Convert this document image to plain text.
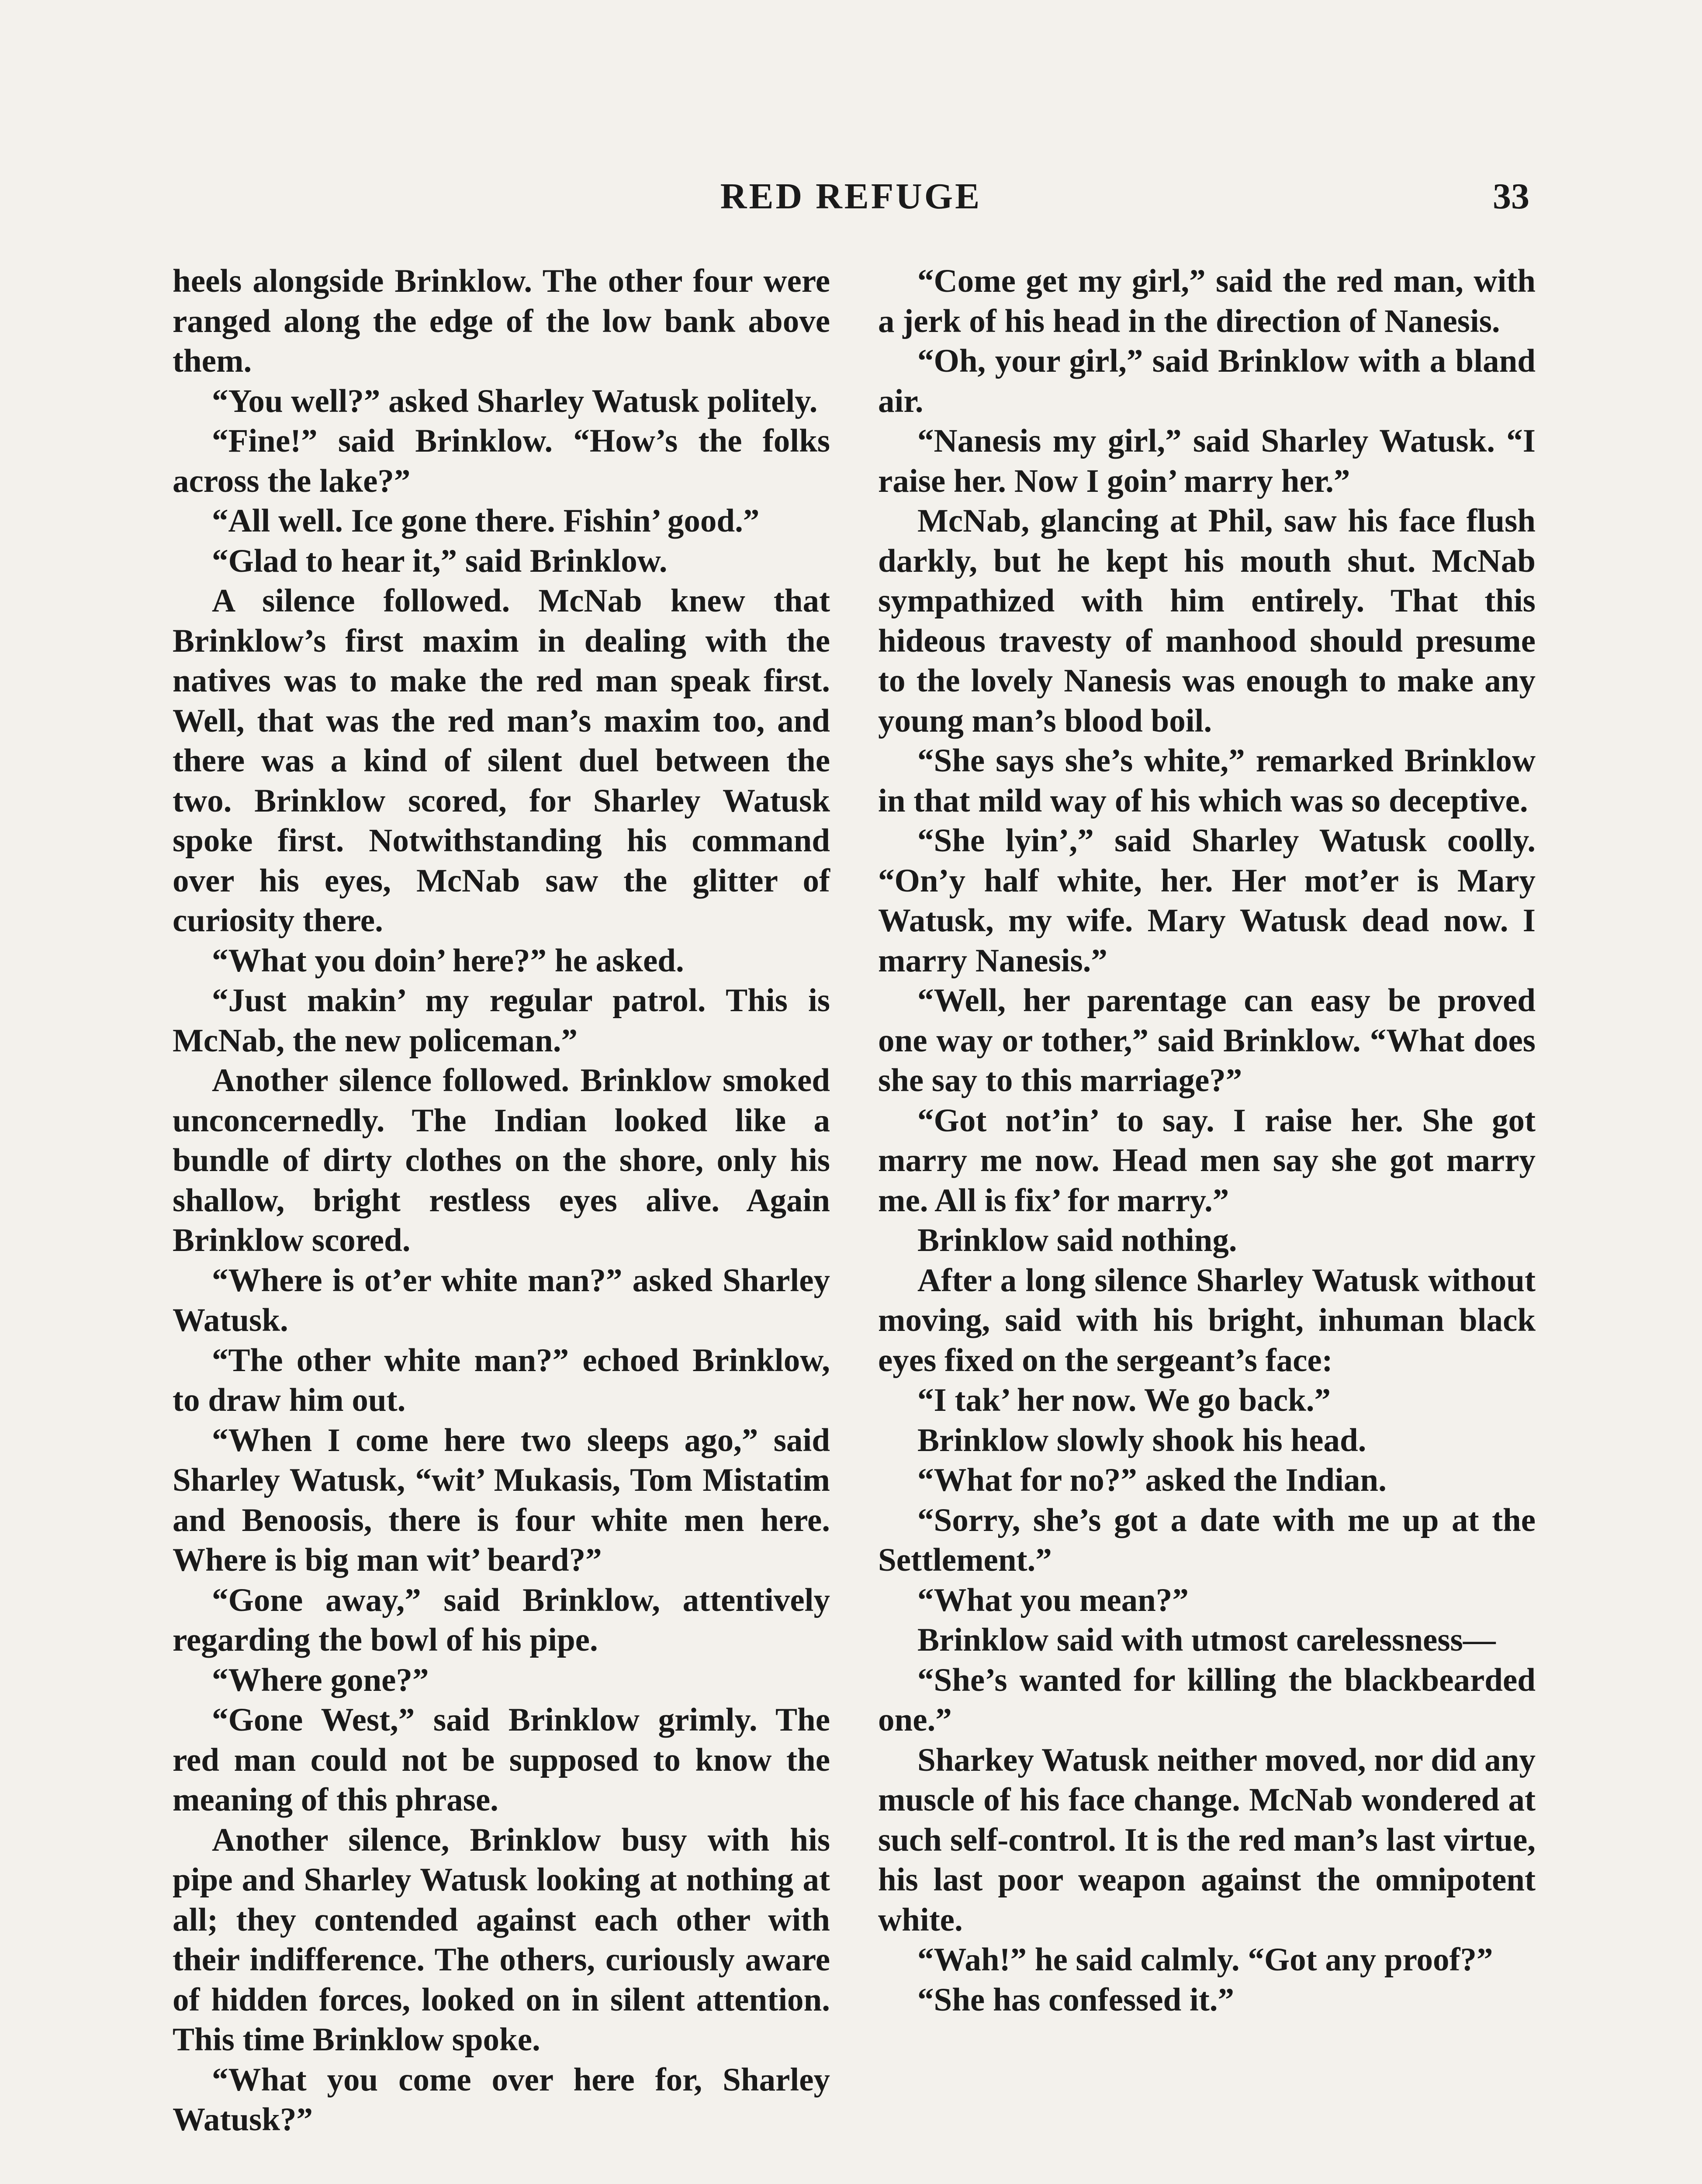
RED REFUGE	33

heels alongside Brinklow. The other four were ranged along the edge of the low bank above them.

“You well?” asked Sharley Watusk politely.

“Fine!” said Brinklow. “How’s the folks across the lake?”

“All well. Ice gone there. Fishin’ good.”

“Glad to hear it,” said Brinklow.

A silence followed. McNab knew that Brinklow’s first maxim in dealing with the natives was to make the red man speak first. Well, that was the red man’s maxim too, and there was a kind of silent duel between the two. Brinklow scored, for Sharley Watusk spoke first. Notwithstanding his command over his eyes, McNab saw the glitter of curiosity there.

“What you doin’ here?” he asked.

“Just makin’ my regular patrol. This is McNab, the new policeman.”

Another silence followed. Brinklow smoked unconcernedly. The Indian looked like a bundle of dirty clothes on the shore, only his shallow, bright restless eyes alive. Again Brinklow scored.

“Where is ot’er white man?” asked Sharley Watusk.

“The other white man?” echoed Brinklow, to draw him out.

“When I come here two sleeps ago,” said Sharley Watusk, “wit’ Mukasis, Tom Mistatim and Benoosis, there is four white men here. Where is big man wit’ beard?”

“Gone away,” said Brinklow, attentively regarding the bowl of his pipe.

“Where gone?”

“Gone West,” said Brinklow grimly. The red man could not be supposed to know the meaning of this phrase.

Another silence, Brinklow busy with his pipe and Sharley Watusk looking at nothing at all; they contended against each other with their indifference. The others, curiously aware of hidden forces, looked on in silent attention. This time Brinklow spoke.

“What you come over here for, Sharley Watusk?”

“Come get my girl,” said the red man, with a jerk of his head in the direction of Nanesis.

“Oh, your girl,” said Brinklow with a bland air.

“Nanesis my girl,” said Sharley Watusk. “I raise her. Now I goin’ marry her.”

McNab, glancing at Phil, saw his face flush darkly, but he kept his mouth shut. McNab sympathized with him entirely. That this hideous travesty of manhood should presume to the lovely Nanesis was enough to make any young man’s blood boil.

“She says she’s white,” remarked Brinklow in that mild way of his which was so deceptive.

“She lyin’,” said Sharley Watusk coolly. “On’y half white, her. Her mot’er is Mary Watusk, my wife. Mary Watusk dead now. I marry Nanesis.”

“Well, her parentage can easy be proved one way or tother,” said Brinklow. “What does she say to this marriage?”

“Got not’in’ to say. I raise her. She got marry me now. Head men say she got marry me. All is fix’ for marry.”

Brinklow said nothing.

After a long silence Sharley Watusk without moving, said with his bright, inhuman black eyes fixed on the sergeant’s face:

“I tak’ her now. We go back.”

Brinklow slowly shook his head.

“What for no?” asked the Indian.

“Sorry, she’s got a date with me up at the Settlement.”

“What you mean?”

Brinklow said with utmost carelessness—

“She’s wanted for killing the blackbearded one.”

Sharkey Watusk neither moved, nor did any muscle of his face change. McNab wondered at such self-control. It is the red man’s last virtue, his last poor weapon against the omnipotent white.

“Wah!” he said calmly. “Got any proof?”

“She has confessed it.”
